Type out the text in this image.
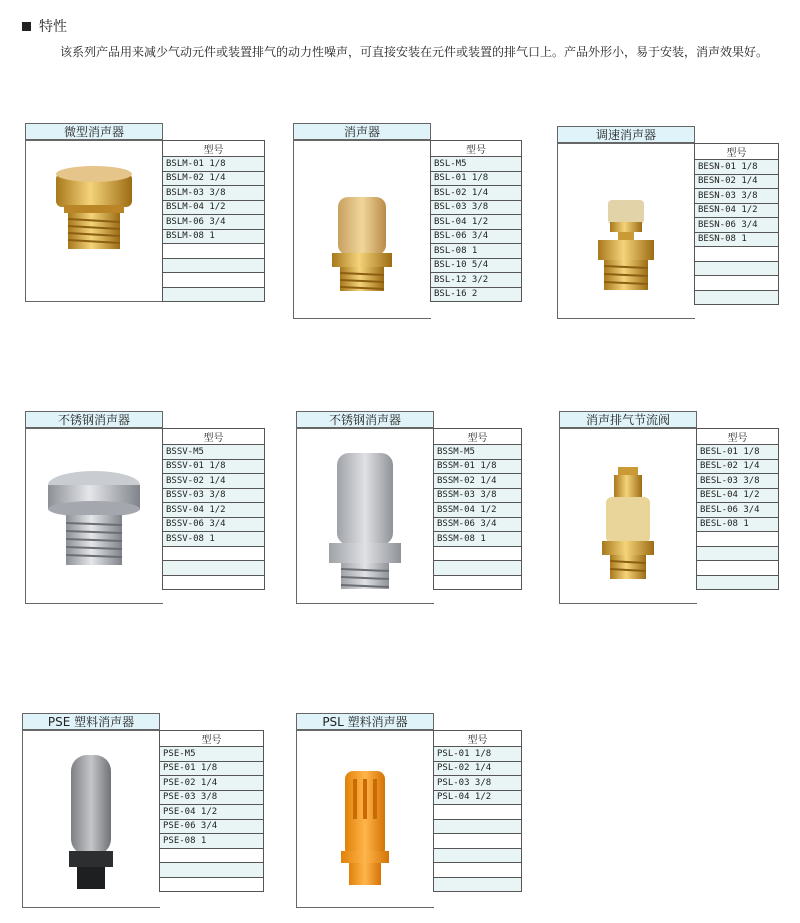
特性
该系列产品用来减少气动元件或装置排气的动力性噪声，可直接安装在元件或装置的排气口上。产品外形小，易于安装，消声效果好。
微型消声器
型号
BSLM-01 1/8
BSLM-02 1/4
BSLM-03 3/8
BSLM-04 1/2
BSLM-06 3/4
BSLM-08 1

消声器
型号
BSL-M5
BSL-01 1/8
BSL-02 1/4
BSL-03 3/8
BSL-04 1/2
BSL-06 3/4
BSL-08 1
BSL-10 5/4
BSL-12 3/2
BSL-16 2
调速消声器
型号
BESN-01 1/8
BESN-02 1/4
BESN-03 3/8
BESN-04 1/2
BESN-06 3/4
BESN-08 1

不锈钢消声器
型号
BSSV-M5
BSSV-01 1/8
BSSV-02 1/4
BSSV-03 3/8
BSSV-04 1/2
BSSV-06 3/4
BSSV-08 1

不锈钢消声器
型号
BSSM-M5
BSSM-01 1/8
BSSM-02 1/4
BSSM-03 3/8
BSSM-04 1/2
BSSM-06 3/4
BSSM-08 1

消声排气节流阀
型号
BESL-01 1/8
BESL-02 1/4
BESL-03 3/8
BESL-04 1/2
BESL-06 3/4
BESL-08 1

PSE 塑料消声器
型号
PSE-M5
PSE-01 1/8
PSE-02 1/4
PSE-03 3/8
PSE-04 1/2
PSE-06 3/4
PSE-08 1

PSL 塑料消声器
型号
PSL-01 1/8
PSL-02 1/4
PSL-03 3/8
PSL-04 1/2
